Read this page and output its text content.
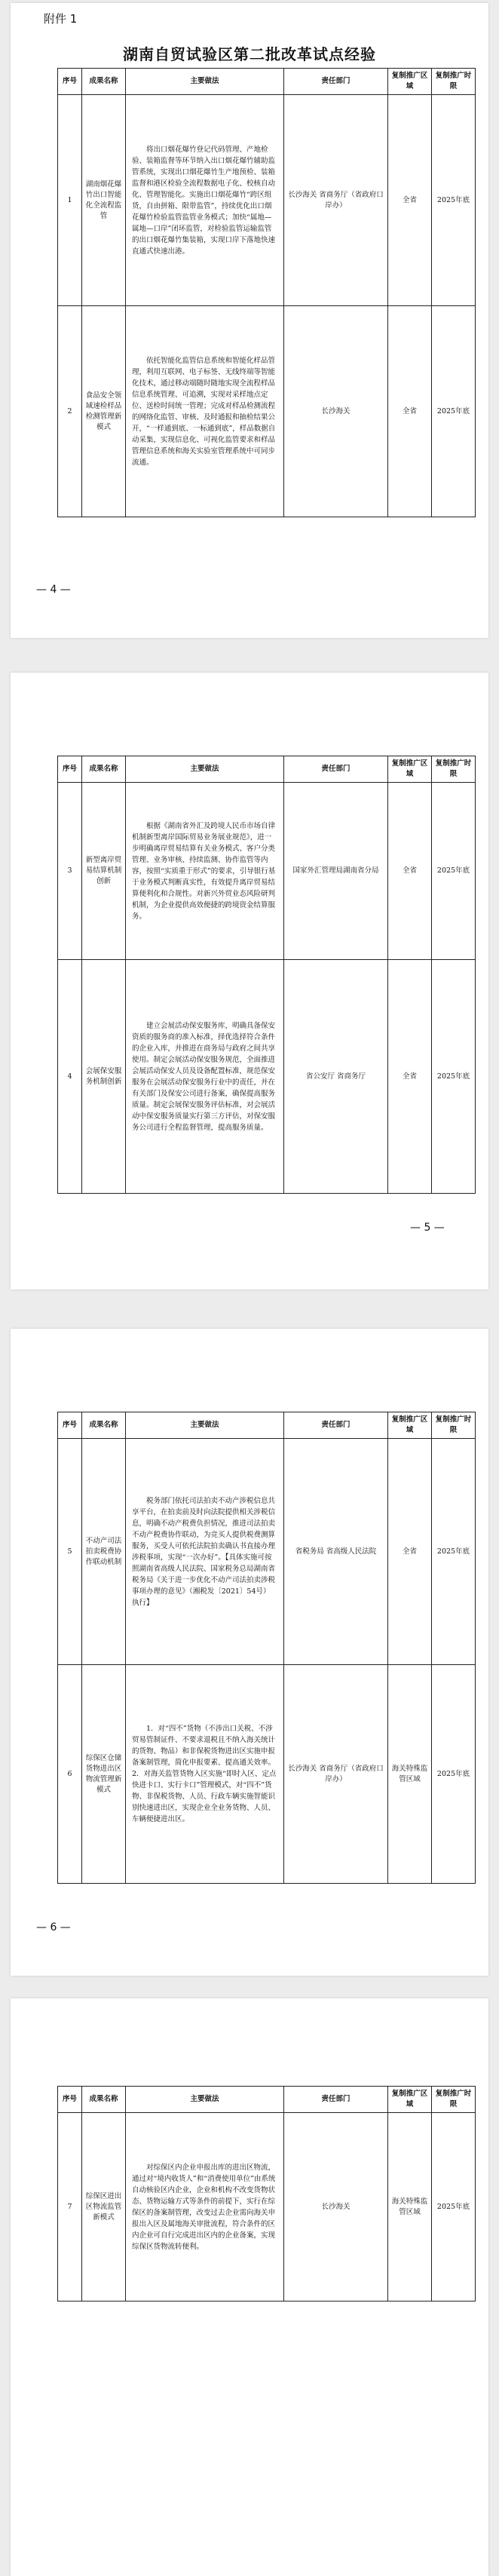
附件 1
湖南自贸试验区第二批改革试点经验
序号	成果名称	主要做法	责任部门	复制推广区域	复制推广时限
1	湖南烟花爆竹出口智能化全流程监管	将出口烟花爆竹登记代码管理、产地检验、装箱监督等环节纳入出口烟花爆竹辅助监管系统，实现出口烟花爆竹生产地预检、装箱监督和港区检验全流程数据电子化、校核自动化、管理智能化。实施出口烟花爆竹“跨区组货，自由拼箱、限带监管”，持续优化出口烟花爆竹检验监管监管业务模式；加快“属地—属地—口岸”闭环监管，对检验监管运输监管的出口烟花爆竹集装箱，实现口岸下落地快速直通式快速出港。	长沙海关 省商务厅（省政府口岸办）	全省	2025年底
2	食品安全领域速检样品检测管理新模式	依托智能化监管信息系统和智能化样品管理，利用互联网、电子标签、无线终端等智能化技术，通过移动端随时随地实现全流程样品信息系统管理、可追溯，实现对采样地点定位、送检时间统一管理；完成对样品检测流程的网络化监管、审核、及时通报和抽检结果公开，“一样通到底、一标通到底”，样品数据自动采集，实现信息化、可视化监管要求和样品管理信息系统和海关实验室管理系统中可同步流通。	长沙海关	全省	2025年底
— 4 —
序号	成果名称	主要做法	责任部门	复制推广区域	复制推广时限
3	新型离岸贸易结算机制创新	根据《湖南省外汇及跨境人民币市场自律机制新型离岸国际贸易业务展业规范》，进一步明确离岸贸易结算有关业务模式、客户分类管理、业务审核、持续监测、协作监管等内容，按照“实质重于形式”的要求，引导银行基于业务模式判断真实性，有效提升离岸贸易结算便利化和合规性。对新兴外贸业态风险研判机制，为企业提供高效便捷的跨境资金结算服务。	国家外汇管理局湖南省分局	全省	2025年底
4	会展保安服务机制创新	建立会展活动保安服务库，明确具备保安资质的服务商的准入标准，择优选择符合条件的企业入库，并推进在商务局与政府之间共享使用。制定会展活动保安服务规范，全面推进会展活动保安人员及设备配置标准，规范保安服务在会展活动保安服务行业中的责任，并在有关部门及保安公司进行备案，确保提高服务质量。制定会展保安服务评估标准，对会展活动中保安服务质量实行第三方评估，对保安服务公司进行全程监督管理，提高服务质量。	省公安厅 省商务厅	全省	2025年底
— 5 —
序号	成果名称	主要做法	责任部门	复制推广区域	复制推广时限
5	不动产司法拍卖税费协作联动机制	税务部门依托司法拍卖不动产涉税信息共享平台，在拍卖前及时向法院提供相关涉税信息，明确不动产税费负担情况，推进司法拍卖不动产税费协作联动，为竞买人提供税费测算服务，买受人可依托法院拍卖确认书直接办理涉税事项，实现“一次办好”。【具体实施可按照湖南省高级人民法院、国家税务总局湖南省税务局《关于进一步优化不动产司法拍卖涉税事项办理的意见》（湘税发〔2021〕54号）执行】	省税务局 省高级人民法院	全省	2025年底
6	综保区仓储货物进出区物流管理新模式	1．对“四不”货物（不涉出口关税、不涉贸易管制证件、不要求退税且不纳入海关统计的货物、物品）和非保税货物进出区实施申报备案制管理，简化申报要素、提高通关效率。 2．对海关监管货物入区实施“即时入区、定点快进卡口、实行卡口”管理模式，对“四不”货物、非保税货物、人员、行政车辆实施智能识别快速进出区，实现企业全业务货物、人员、车辆便捷进出区。	长沙海关 省商务厅（省政府口岸办）	海关特殊监管区域	2025年底
— 6 —
序号	成果名称	主要做法	责任部门	复制推广区域	复制推广时限
7	综保区进出区物流监管新模式	对综保区内企业申报出库的进出区物流，通过对“境内收货人”和“消费使用单位”由系统自动核验区内企业，企业和机构不改变货物状态、货物运输方式等条件的前提下，实行在综保区的备案制管理，改变过去企业需向海关申报出入区及属地海关审批流程，符合条件的区内企业可自行完成进出区内的企业备案，实现综保区货物流转便利。	长沙海关	海关特殊监管区域	2025年底
